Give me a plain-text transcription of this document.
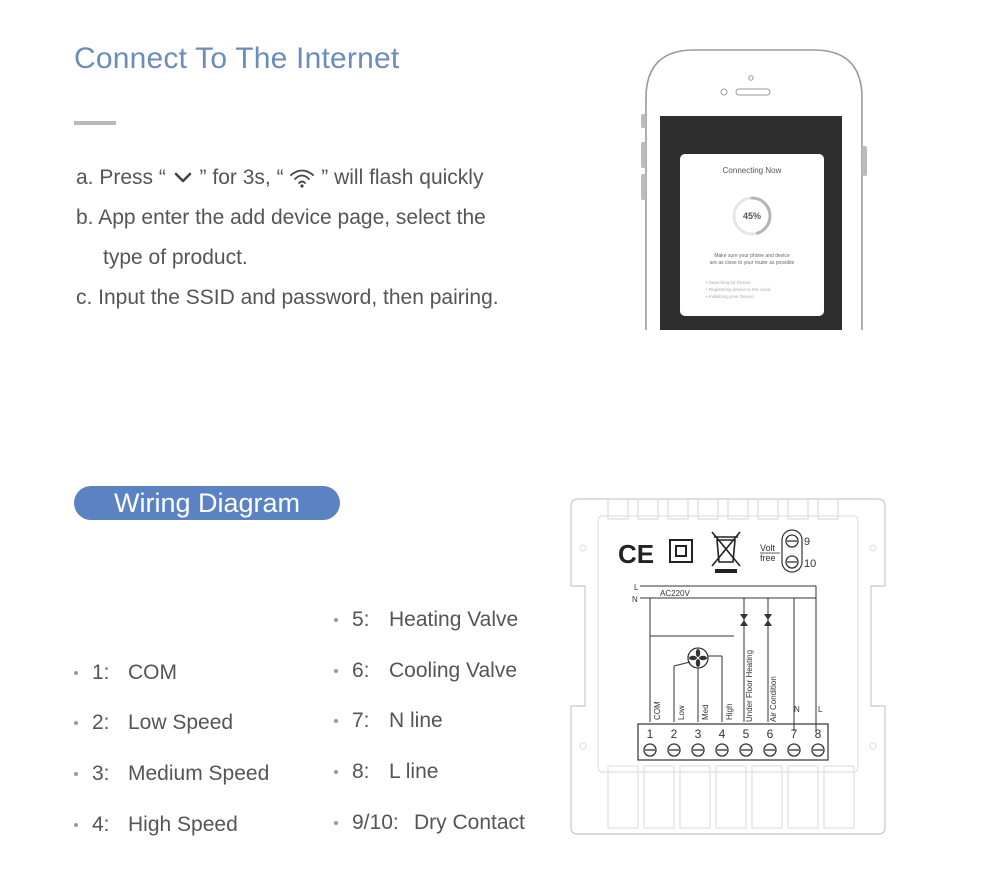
Connect To The Internet
a. Press “ ” for 3s, “ ” will flash quickly
b. App enter the add device page, select the
type of product.
c. Input the SSID and password, then pairing.
Connecting Now
45%
Make sure your phone and device
are as close to your router as possible
• Searching for Device
• Registering device to the cloud
• Initializing your Device
Wiring Diagram
1: COM
2: Low Speed
3: Medium Speed
4: High Speed
5: Heating Valve
6: Cooling Valve
7: N line
8: L line
9/10: Dry Contact
CE	Volt
free
9
10
L
N
AC220V
COM Low Med High Under Floor Heating Air Condition N L
1 2 3 4 5 6 7 8
